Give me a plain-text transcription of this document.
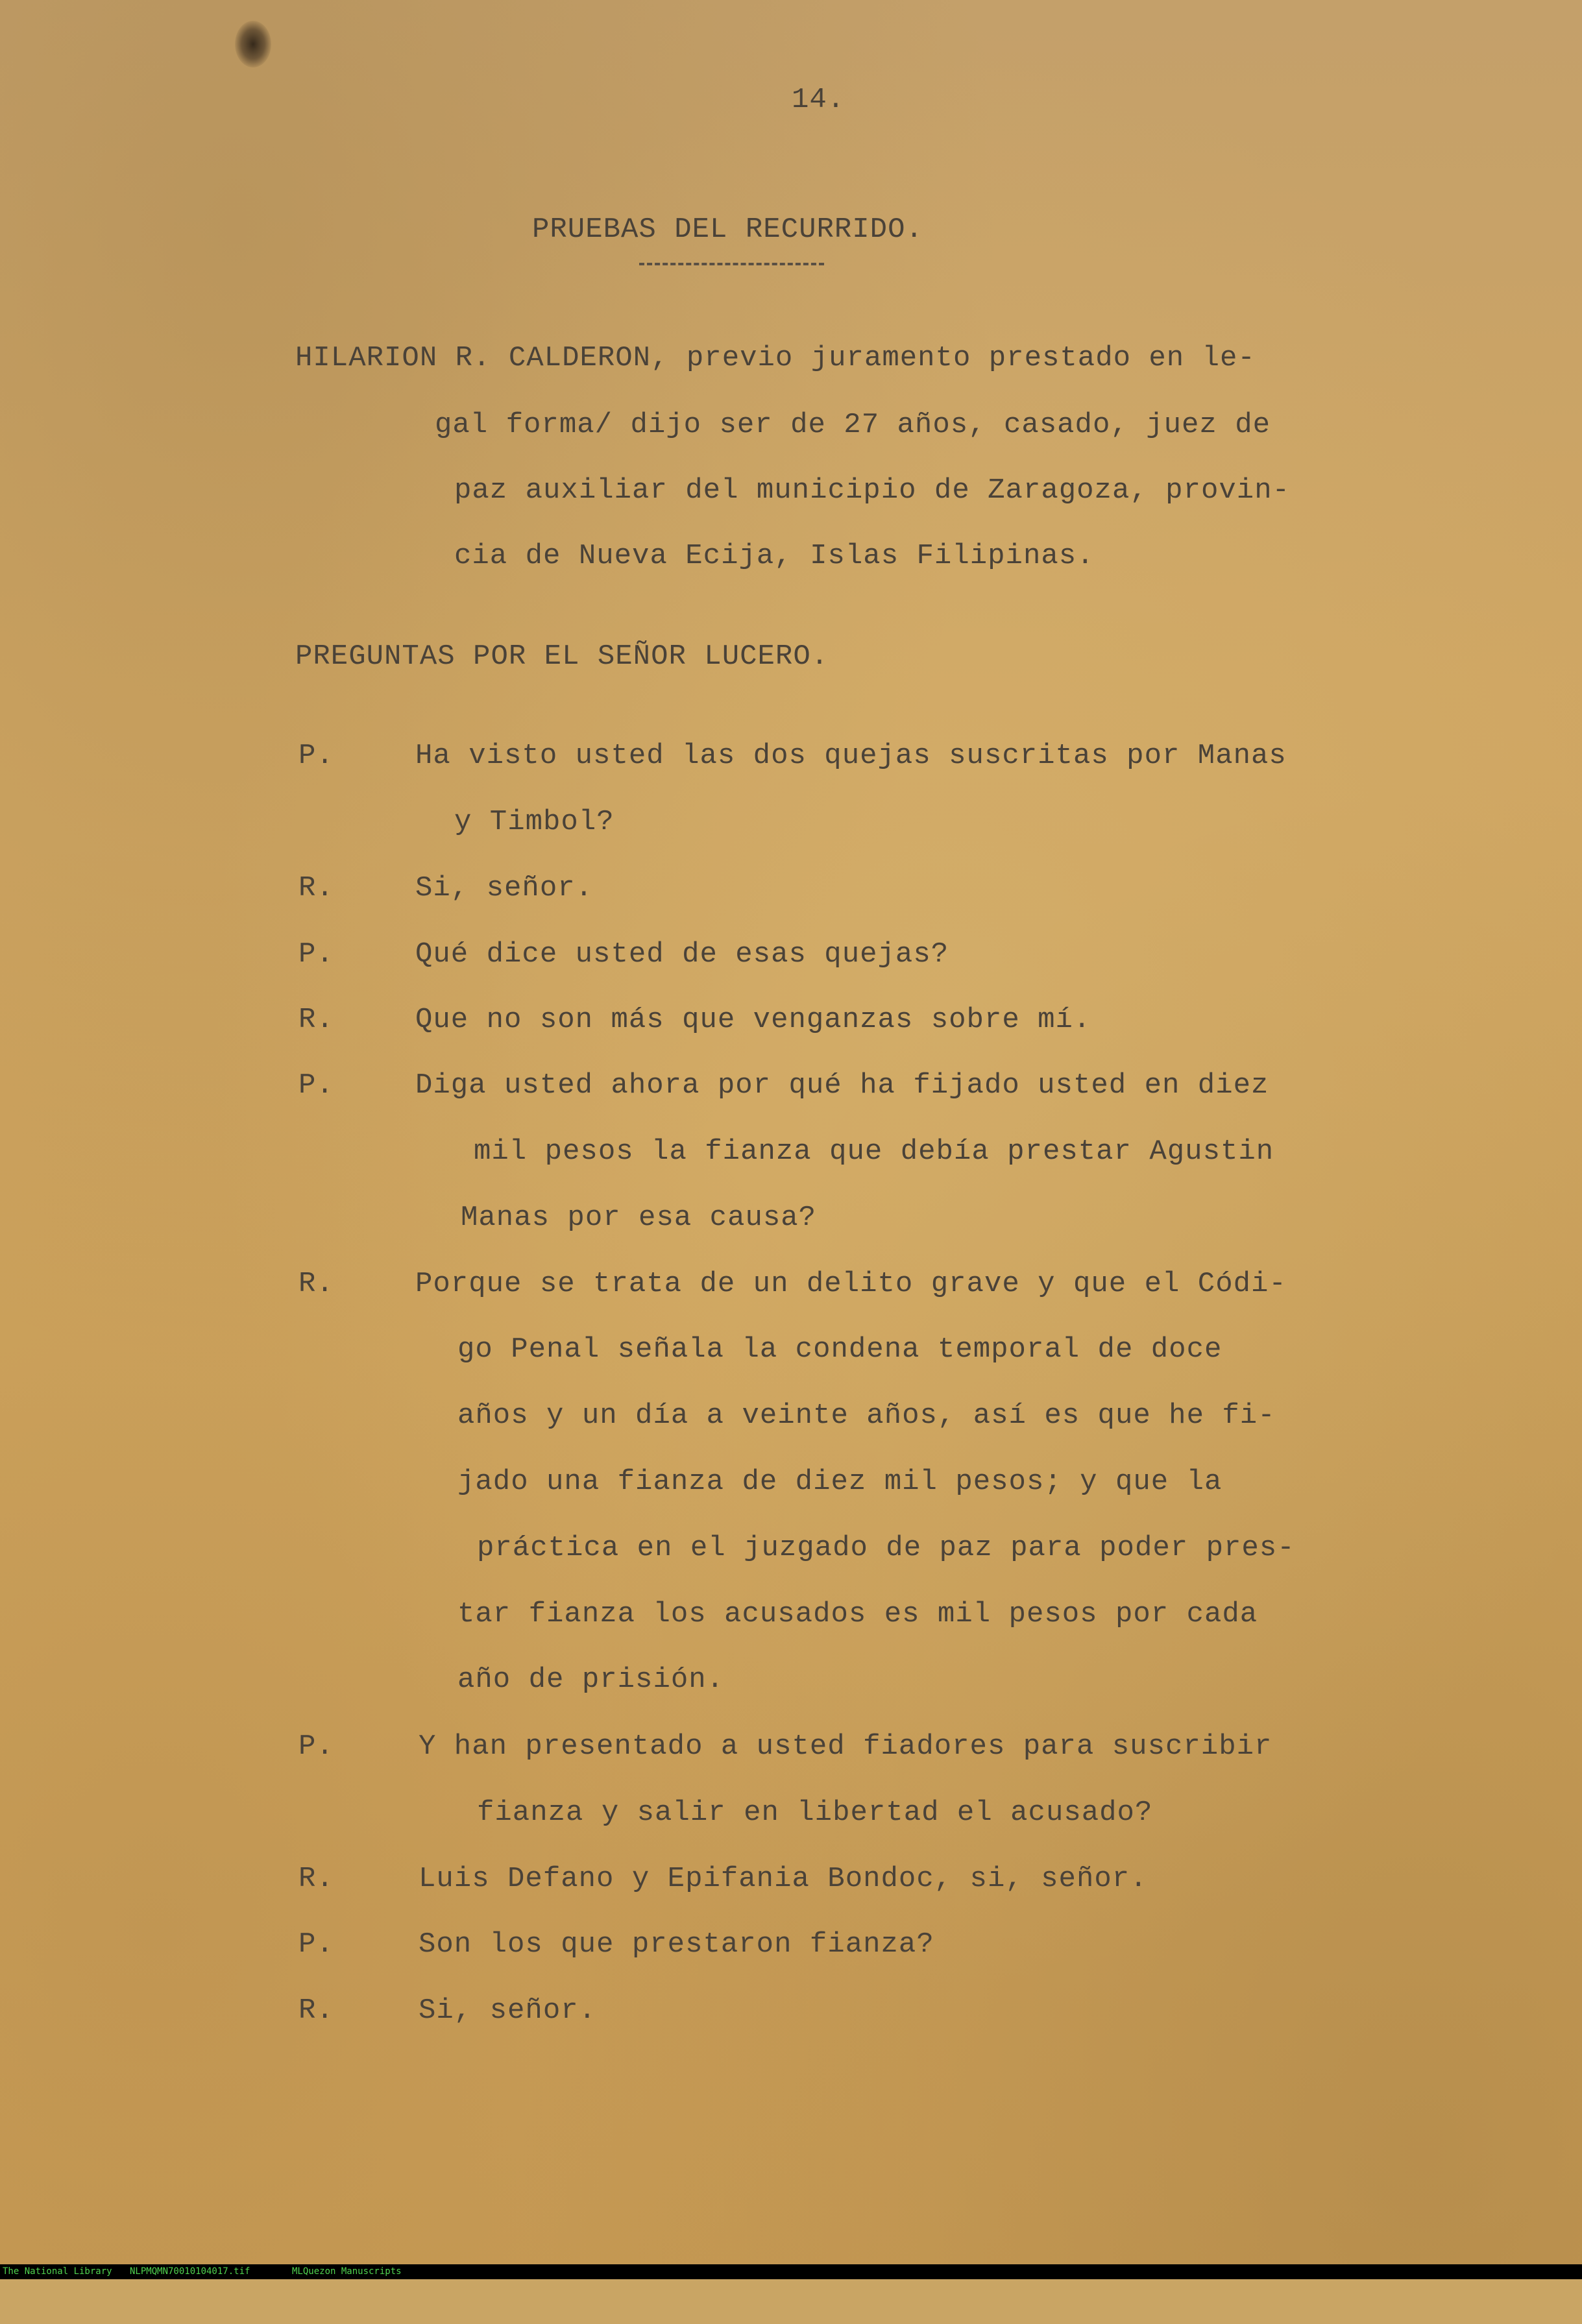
14.
PRUEBAS DEL RECURRIDO.
HILARION R. CALDERON, previo juramento prestado en le-
gal forma/ dijo ser de 27 años, casado, juez de
paz auxiliar del municipio de Zaragoza, provin-
cia de Nueva Ecija, Islas Filipinas.
PREGUNTAS POR EL SEÑOR LUCERO.
P.	Ha visto usted las dos quejas suscritas por Manas
y Timbol?
R.	Si, señor.
P.	Qué dice usted de esas quejas?
R.	Que no son más que venganzas sobre mí.
P.	Diga usted ahora por qué ha fijado usted en diez
mil pesos la fianza que debía prestar Agustin
Manas por esa causa?
R.	Porque se trata de un delito grave y que el Códi-
go Penal señala la condena temporal de doce
años y un día a veinte años, así es que he fi-
jado una fianza de diez mil pesos; y que la
práctica en el juzgado de paz para poder pres-
tar fianza los acusados es mil pesos por cada
año de prisión.
P.	Y han presentado a usted fiadores para suscribir
fianza y salir en libertad el acusado?
R.	Luis Defano y Epifania Bondoc, si, señor.
P.	Son los que prestaron fianza?
R.	Si, señor.

The National Library

NLPMQMN70010104017.tif

	MLQuezon Manuscripts
